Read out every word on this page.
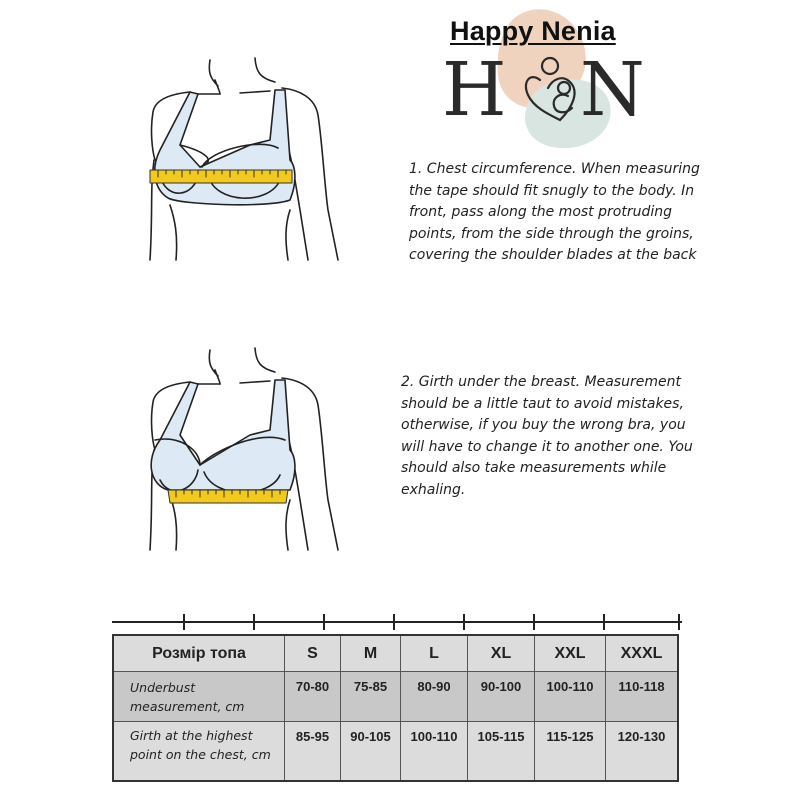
H N
Happy Nenia
1. Chest circumference. When measuring the tape should fit snugly to the body. In front, pass along the most protruding points, from the side through the groins, covering the shoulder blades at the back
2. Girth under the breast. Measurement should be a little taut to avoid mistakes, otherwise, if you buy the wrong bra, you will have to change it to another one. You should also take measurements while exhaling.
Розмір топа	S	M	L	XL	XXL	XXXL
Underbust measurement, cm	70-80	75-85	80-90	90-100	100-110	110-118
Girth at the highest point on the chest, cm	85-95	90-105	100-110	105-115	115-125	120-130
